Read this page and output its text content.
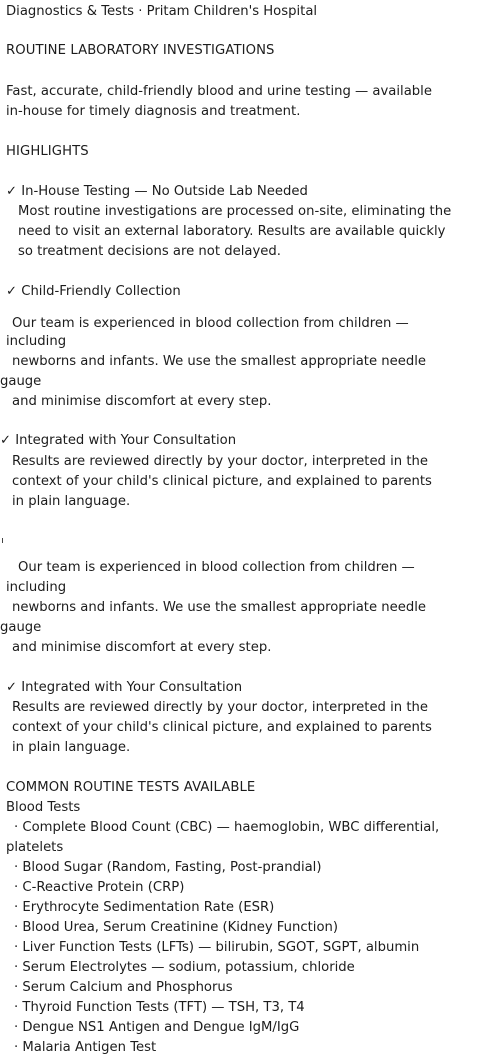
Diagnostics & Tests · Pritam Children's Hospital

ROUTINE LABORATORY INVESTIGATIONS

Fast, accurate, child-friendly blood and urine testing — available

in-house for timely diagnosis and treatment.

HIGHLIGHTS

✓ In-House Testing — No Outside Lab Needed

Most routine investigations are processed on-site, eliminating the

need to visit an external laboratory. Results are available quickly

so treatment decisions are not delayed.

✓ Child-Friendly Collection

Our team is experienced in blood collection from children —

including

newborns and infants. We use the smallest appropriate needle

gauge

and minimise discomfort at every step.

✓ Integrated with Your Consultation

Results are reviewed directly by your doctor, interpreted in the

context of your child's clinical picture, and explained to parents

in plain language.

Our team is experienced in blood collection from children —

including

newborns and infants. We use the smallest appropriate needle

gauge

and minimise discomfort at every step.

✓ Integrated with Your Consultation

Results are reviewed directly by your doctor, interpreted in the

context of your child's clinical picture, and explained to parents

in plain language.

COMMON ROUTINE TESTS AVAILABLE

Blood Tests

· Complete Blood Count (CBC) — haemoglobin, WBC differential,

platelets

· Blood Sugar (Random, Fasting, Post-prandial)

· C-Reactive Protein (CRP)

· Erythrocyte Sedimentation Rate (ESR)

· Blood Urea, Serum Creatinine (Kidney Function)

· Liver Function Tests (LFTs) — bilirubin, SGOT, SGPT, albumin

· Serum Electrolytes — sodium, potassium, chloride

· Serum Calcium and Phosphorus

· Thyroid Function Tests (TFT) — TSH, T3, T4

· Dengue NS1 Antigen and Dengue IgM/IgG

· Malaria Antigen Test
